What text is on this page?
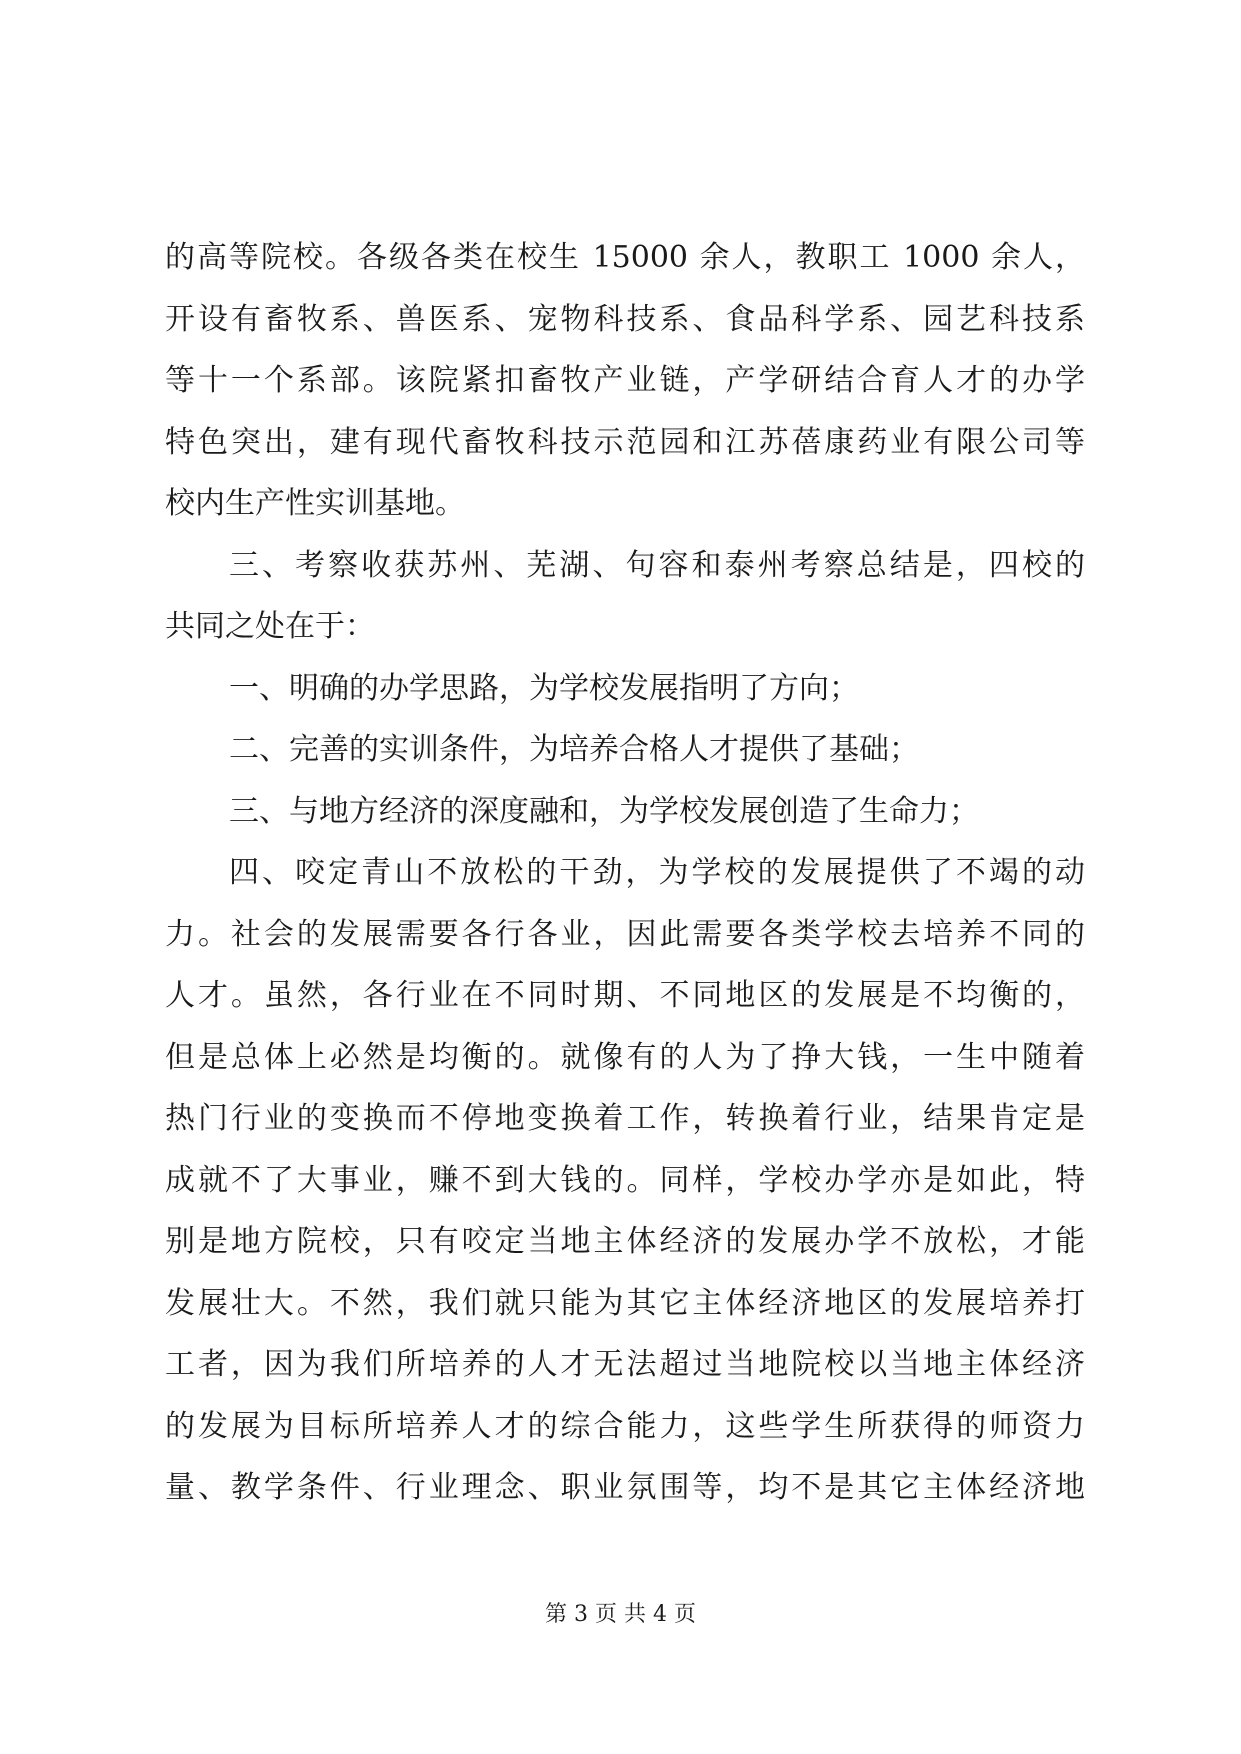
的高等院校。各级各类在校生 15000 余人，教职工 1000 余人，
开设有畜牧系、兽医系、宠物科技系、食品科学系、园艺科技系
等十一个系部。该院紧扣畜牧产业链，产学研结合育人才的办学
特色突出，建有现代畜牧科技示范园和江苏蓓康药业有限公司等
校内生产性实训基地。
三、考察收获苏州、芜湖、句容和泰州考察总结是，四校的
共同之处在于：
一、明确的办学思路，为学校发展指明了方向；
二、完善的实训条件，为培养合格人才提供了基础；
三、与地方经济的深度融和，为学校发展创造了生命力；
四、咬定青山不放松的干劲，为学校的发展提供了不竭的动
力。社会的发展需要各行各业，因此需要各类学校去培养不同的
人才。虽然，各行业在不同时期、不同地区的发展是不均衡的，
但是总体上必然是均衡的。就像有的人为了挣大钱，一生中随着
热门行业的变换而不停地变换着工作，转换着行业，结果肯定是
成就不了大事业，赚不到大钱的。同样，学校办学亦是如此，特
别是地方院校，只有咬定当地主体经济的发展办学不放松，才能
发展壮大。不然，我们就只能为其它主体经济地区的发展培养打
工者，因为我们所培养的人才无法超过当地院校以当地主体经济
的发展为目标所培养人才的综合能力，这些学生所获得的师资力
量、教学条件、行业理念、职业氛围等，均不是其它主体经济地
第 3 页 共 4 页
